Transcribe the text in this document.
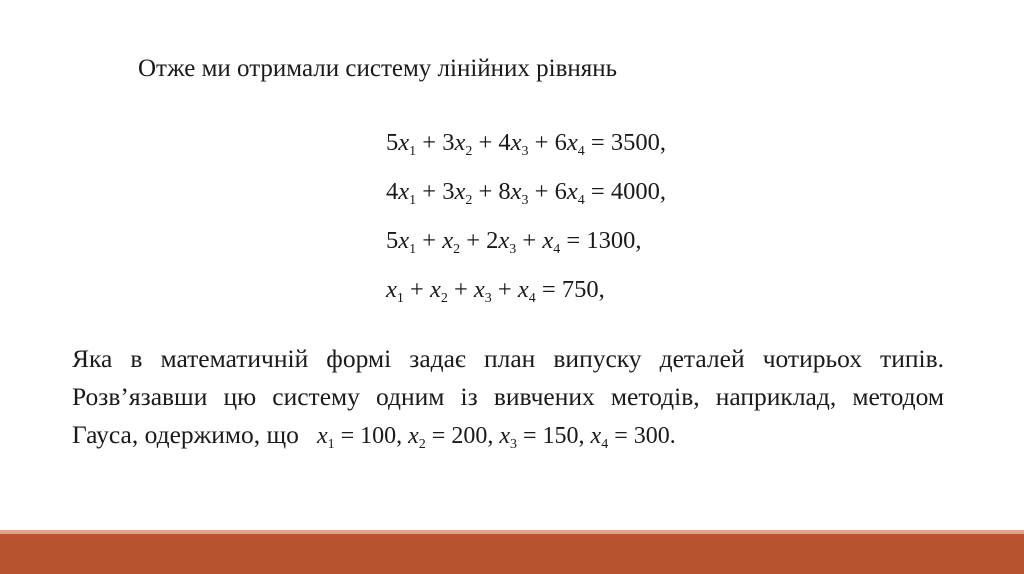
Отже ми отримали систему лінійних рівнянь
$5x_1 + 3x_2 + 4x_3 + 6x_4 = 3500$,
$4x_1 + 3x_2 + 8x_3 + 6x_4 = 4000$,
$5x_1 + x_2 + 2x_3 + x_4 = 1300$,
$x_1 + x_2 + x_3 + x_4 = 750$,
Яка в математичній формі задає план випуску деталей чотирьох типів.
Розв’язавши цю систему одним із вивчених методів, наприклад, методом
Гауса, одержимо, що $x_1 = 100$, $x_2 = 200$, $x_3 = 150$, $x_4 = 300$.
